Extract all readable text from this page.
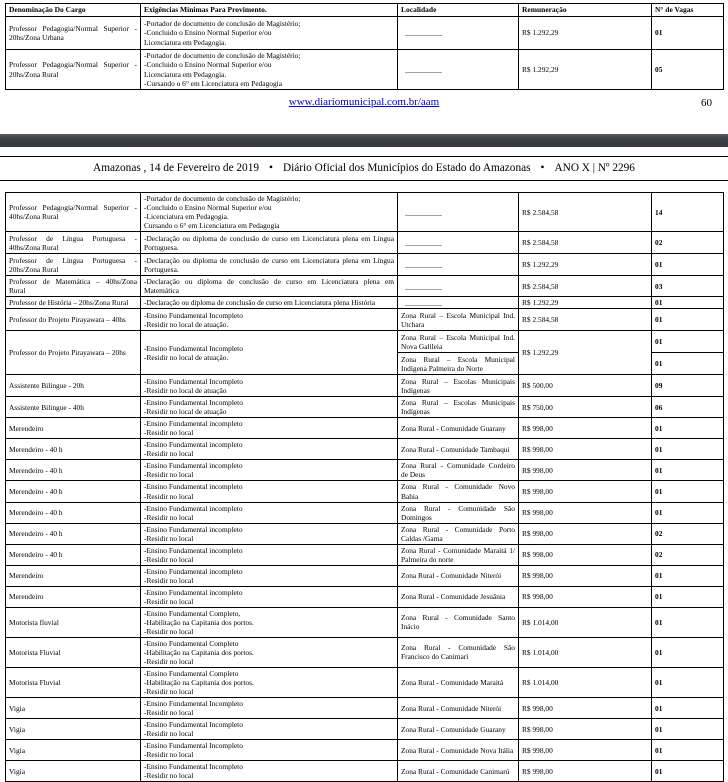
Denominação Do Cargo	Exigências Mínimas Para Provimento.	Localidade	Remuneração	N° de Vagas
Professor Pedagogia/Normal Superior - 20hs/Zona Urbana	-Portador de documento de conclusão de Magistério;
-Concluido o Ensino Normal Superior e/ou
Licenciatura em Pedagogia.	__________	R$ 1.292,29	01
Professor Pedagogia/Normal Superior - 20hs/Zona Rural	-Portador de documento de conclusão de Magistério;
-Concluido o Ensino Normal Superior e/ou
Licenciatura em Pedagogia.
-Cursando o 6° em Licenciatura em Pedagogia	__________	R$ 1.292,29	05
www.diariomunicipal.com.br/aam	60
Amazonas , 14 de Fevereiro de 2019 • Diário Oficial dos Municípios do Estado do Amazonas • ANO X | Nº 2296
Professor Pedagogia/Normal Superior - 40hs/Zona Rural	-Portador de documento de conclusão de Magistério;
-Concluido o Ensino Normal Superior e/ou
-Licenciatura em Pedagogia.
Cursando o 6° em Licenciatura em Pedagogia	__________	R$ 2.584,58	14
Professor de Língua Portuguesa - 40hs/Zona Rural	-Declaração ou diploma de conclusão de curso em Licenciatura plena em Língua Portuguesa.	__________	R$ 2.584,58	02
Professor de Língua Portuguesa - 20hs/Zona Rural	-Declaração ou diploma de conclusão de curso em Licenciatura plena em Língua Portuguesa.	__________	R$ 1.292,29	01
Professor de Matemática – 40hs/Zona Rural	-Declaração ou diploma de conclusão de curso em Licenciatura plena em Matemática	__________	R$ 2.584,58	03
Professor de História – 20hs/Zona Rural	-Declaração ou diploma de conclusão de curso em Licenciatura plena História	__________	R$ 1.292,29	01
Professor do Projeto Pirayawara – 40hs	-Ensino Fundamental Incompleto
-Residir no local de atuação.	Zona Rural – Escola Municipal Ind. Utchara	R$ 2.584,58	01
Professor do Projeto Pirayawara – 20hs	-Ensino Fundamental Incompleto
-Residir no local de atuação.	Zona Rural – Escola Municipal Ind. Nova Galileia	R$ 1.292,29	01
		Zona Rural – Escola Municipal Indígena Palmeira do Norte		01
Assistente Bilingue - 20h	-Ensino Fundamental Incompleto
-Residir no local de atuação	Zona Rural – Escolas Municipais Indígenas	R$ 500,00	09
Assistente Bilingue - 40h	-Ensino Fundamental Incompleto
-Residir no local de atuação	Zona Rural – Escolas Municipais Indígenas	R$ 750,00	06
Merendeiro	-Ensino Fundamental incompleto
-Residir no local	Zona Rural - Comunidade Guarany	R$ 998,00	01
Merendeiro - 40 h	-Ensino Fundamental incompleto
-Residir no local	Zona Rural - Comunidade Tambaqui	R$ 998,00	01
Merendeiro - 40 h	-Ensino Fundamental incompleto
-Residir no local	Zona Rural - Comunidade Cordeiro de Deus	R$ 998,00	01
Merendeiro - 40 h	-Ensino Fundamental incompleto
-Residir no local	Zona Rural - Comunidade Novo Bahia	R$ 998,00	01
Merendeiro - 40 h	-Ensino Fundamental incompleto
-Residir no local	Zona Rural - Comunidade São Domingos	R$ 998,00	01
Merendeiro - 40 h	-Ensino Fundamental incompleto
-Residir no local	Zona Rural - Comunidade Porto Caldas /Gama	R$ 998,00	02
Merendeiro - 40 h	-Ensino Fundamental incompleto
-Residir no local	Zona Rural - Comunidade Maraitá 1/ Palmeira do norte	R$ 998,00	02
Merendeiro	-Ensino Fundamental incompleto
-Residir no local	Zona Rural - Comunidade Niterói	R$ 998,00	01
Merendeiro	-Ensino Fundamental incompleto
-Residir no local	Zona Rural - Comunidade Jesuânia	R$ 998,00	01
Motorista fluvial	-Ensino Fundamental Completo,
-Habilitação na Capitania dos portos.
-Residir no local	Zona Rural - Comunidade Santo Inácio	R$ 1.014,00	01
Motorista Fluvial	-Ensino Fundamental Completo
-Habilitação na Capitania dos portos.
-Residir no local	Zona Rural - Comunidade São Francisco do Canimarí	R$ 1.014,00	01
Motorista Fluvial	-Ensino Fundamental Completo
-Habilitação na Capitania dos portos.
-Residir no local	Zona Rural - Comunidade Maraitá	R$ 1.014,00	01
Vigia	-Ensino Fundamental Incompleto
-Residir no local	Zona Rural - Comunidade Niterói	R$ 998,00	01
Vigia	-Ensino Fundamental Incompleto
-Residir no local	Zona Rural - Comunidade Guarany	R$ 998,00	01
Vigia	-Ensino Fundamental Incompleto
-Residir no local	Zona Rural - Comunidade Nova Itália	R$ 998,00	01
Vigia	-Ensino Fundamental Incompleto
-Residir no local	Zona Rural - Comunidade Canimarú	R$ 998,00	01
